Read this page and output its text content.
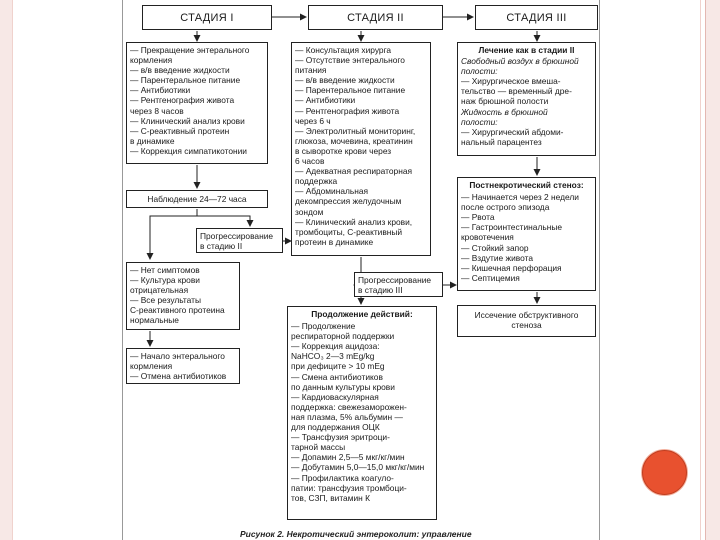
СТАДИЯ I	СТАДИЯ II	СТАДИЯ III
— Прекращение энтерального
кормления
— в/в введение жидкости
— Парентеральное питание
— Антибиотики
— Рентгенография живота
через 8 часов
— Клинический анализ крови
— С-реактивный протеин
в динамике
— Коррекция симпатикотонии
Наблюдение 24—72 часа
Прогрессирование
в стадию II
— Нет симптомов
— Культура крови
отрицательная
— Все результаты
С-реактивного протеина
нормальные
— Начало энтерального
кормления
— Отмена антибиотиков
— Консультация хирурга
— Отсутствие энтерального
питания
— в/в введение жидкости
— Парентеральное питание
— Антибиотики
— Рентгенография живота
через 6 ч
— Электролитный мониторинг,
глюкоза, мочевина, креатинин
в сыворотке крови через
6 часов
— Адекватная респираторная
поддержка
— Абдоминальная
декомпрессия желудочным
зондом
— Клинический анализ крови,
тромбоциты, С-реактивный
протеин в динамике
Прогрессирование
в стадию III
Продолжение действий:
— Продолжение
респираторной поддержки
— Коррекция ацидоза:
NaHCO₃ 2—3 mEg/kg
при дефиците > 10 mEg
— Смена антибиотиков
по данным культуры крови
— Кардиоваскулярная
поддержка: свежезаморожен-
ная плазма, 5% альбумин —
для поддержания ОЦК
— Трансфузия эритроци-
тарной массы
— Допамин 2,5—5 мкг/кг/мин
— Добутамин 5,0—15,0 мкг/кг/мин
— Профилактика коагуло-
патии: трансфузия тромбоци-
тов, СЗП, витамин К
Лечение как в стадии II
Свободный воздух в брюшной
полости:
— Хирургическое вмеша-
тельство — временный дре-
наж брюшной полости
Жидкость в брюшной
полости:
— Хирургический абдоми-
нальный парацентез
Постнекротический стеноз:
— Начинается через 2 недели
после острого эпизода
— Рвота
— Гастроинтестинальные
кровотечения
— Стойкий запор
— Вздутие живота
— Кишечная перфорация
— Септицемия
Иссечение обструктивного
стеноза
Рисунок 2. Некротический энтероколит: управление
